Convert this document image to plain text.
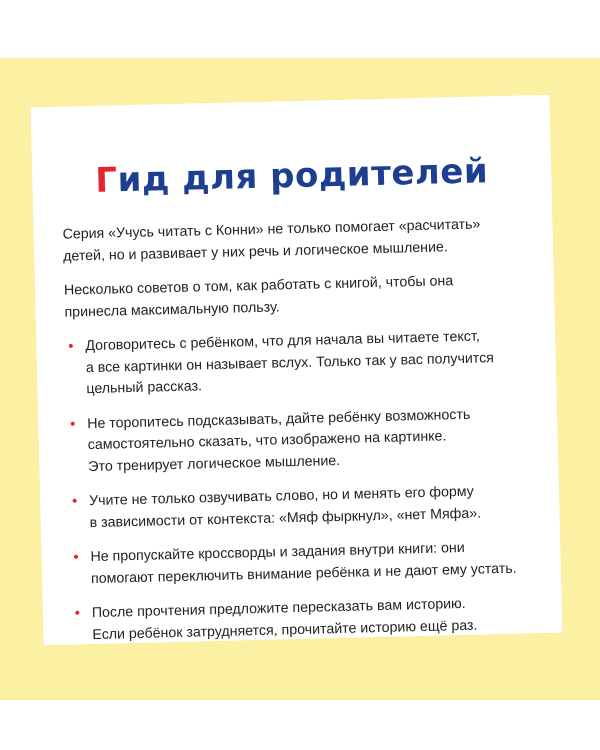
Гид для родителей

Серия «Учусь читать с Конни» не только помогает «расчитать»
детей, но и развивает у них речь и логическое мышление.

Несколько советов о том, как работать с книгой, чтобы она
принесла максимальную пользу.

• Договоритесь с ребёнком, что для начала вы читаете текст,
а все картинки он называет вслух. Только так у вас получится
цельный рассказ.
• Не торопитесь подсказывать, дайте ребёнку возможность
самостоятельно сказать, что изображено на картинке.
Это тренирует логическое мышление.
• Учите не только озвучивать слово, но и менять его форму
в зависимости от контекста: «Мяф фыркнул», «нет Мяфа».
• Не пропускайте кроссворды и задания внутри книги: они
помогают переключить внимание ребёнка и не дают ему устать.
• После прочтения предложите пересказать вам историю.
Если ребёнок затрудняется, прочитайте историю ещё раз.
